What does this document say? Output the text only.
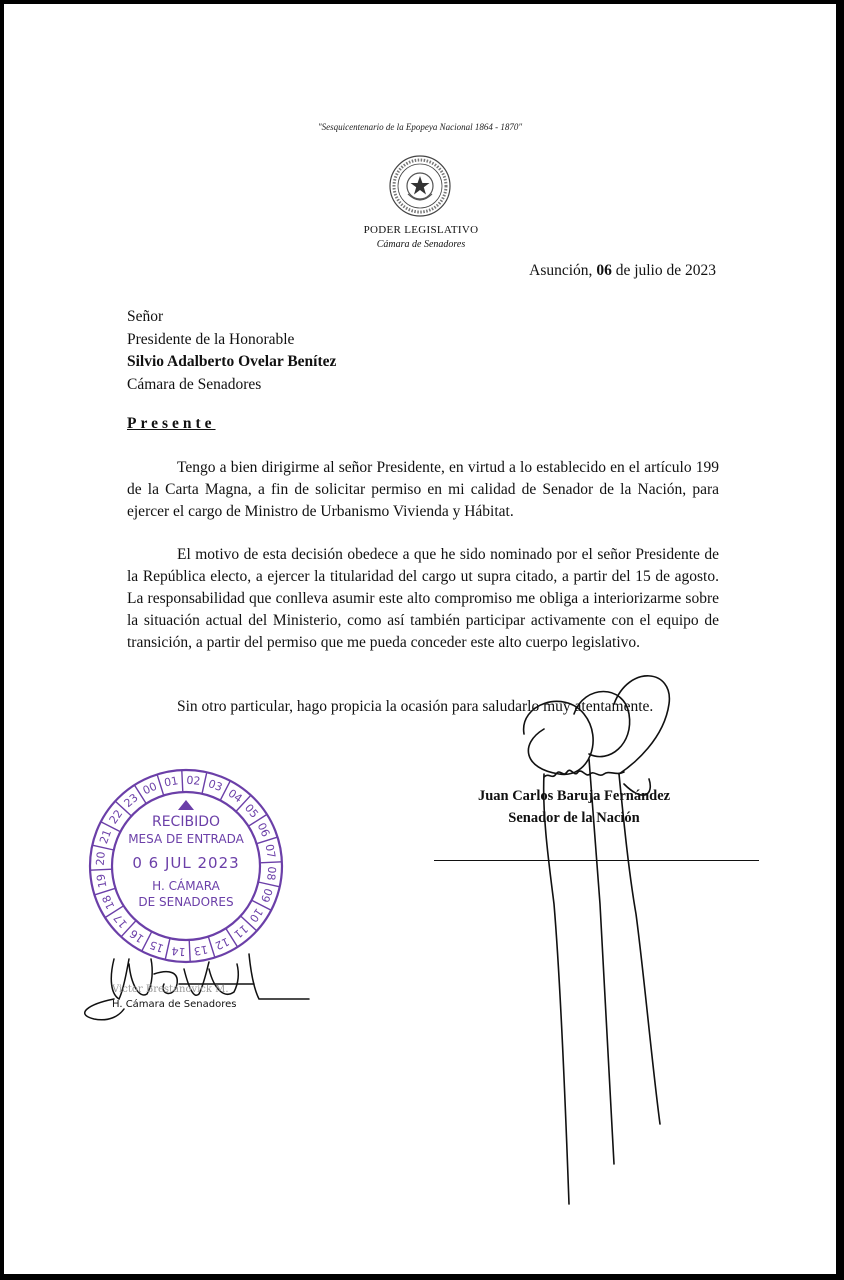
"Sesquicentenario de la Epopeya Nacional 1864 - 1870"
PODER LEGISLATIVO
Cámara de Senadores
Asunción, 06 de julio de 2023
Señor
Presidente de la Honorable
Silvio Adalberto Ovelar Benítez
Cámara de Senadores
Presente

Tengo a bien dirigirme al señor Presidente, en virtud a lo establecido en el artículo 199 de la Carta Magna, a fin de solicitar permiso en mi calidad de Senador de la Nación, para ejercer el cargo de Ministro de Urbanismo Vivienda y Hábitat.

El motivo de esta decisión obedece a que he sido nominado por el señor Presidente de la República electo, a ejercer la titularidad del cargo ut supra citado, a partir del 15 de agosto. La responsabilidad que conlleva asumir este alto compromiso me obliga a interiorizarme sobre la situación actual del Ministerio, como así también participar activamente con el equipo de transición, a partir del permiso que me pueda conceder este alto cuerpo legislativo.

Sin otro particular, hago propicia la ocasión para saludarlo muy atentamente.

Juan Carlos Baruja Fernández
Senador de la Nación
01 02 03
04
05
06
07
08
09
10
11
12
13
14
15
16
17
18
19
20
21
22
23
00
RECIBIDO
MESA DE ENTRADA
0 6 JUL 2023
H. CÁMARA
DE SENADORES
Victor Brestanovick M.
H. Cámara de Senadores
